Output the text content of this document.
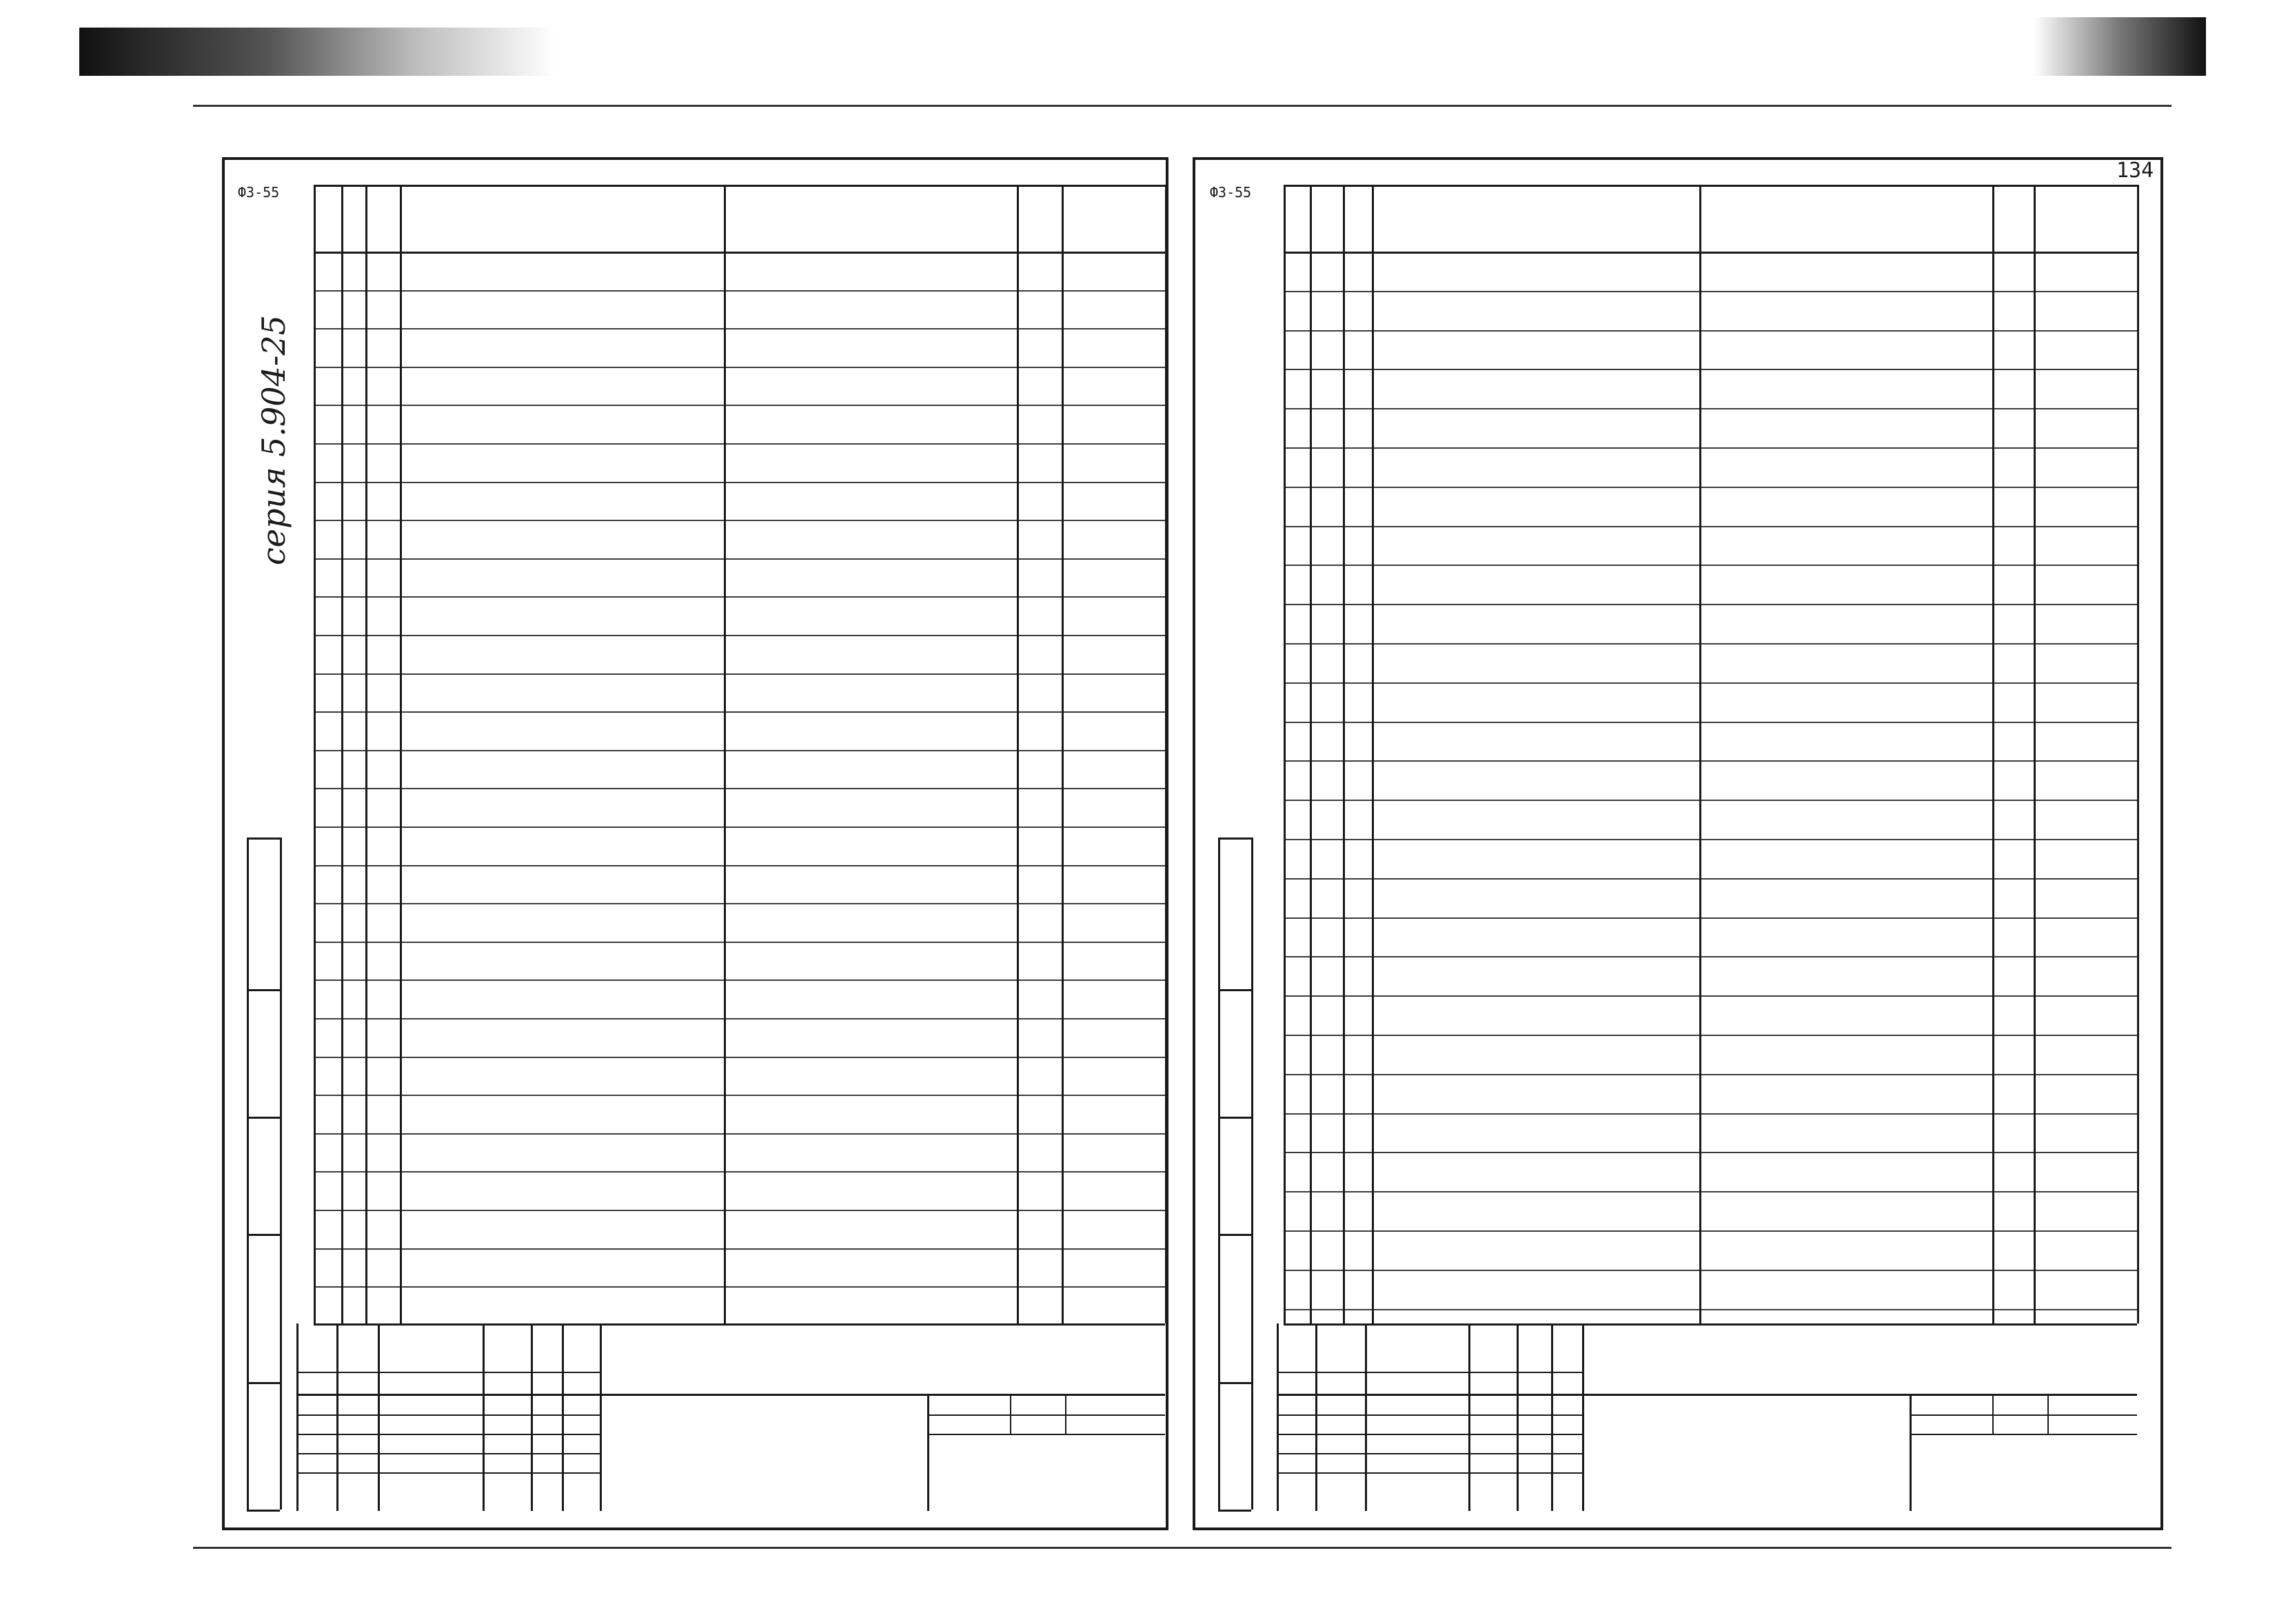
Ф3-55	Ф3-55
134
серия 5.904-25
